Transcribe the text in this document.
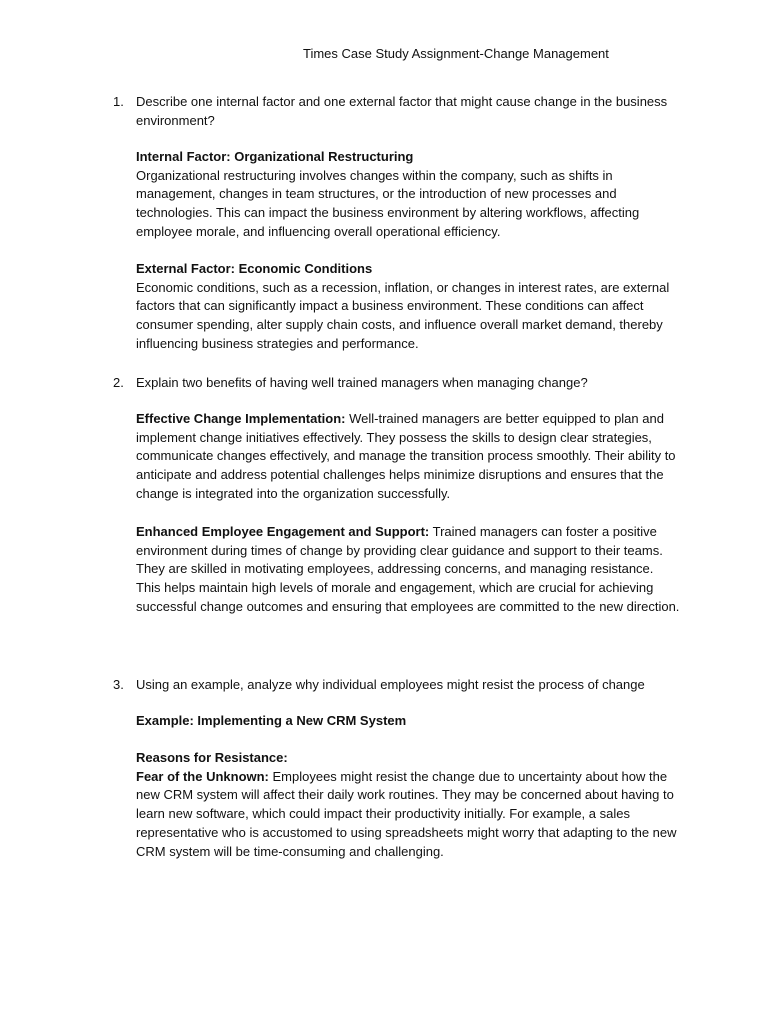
Times Case Study Assignment-Change Management
1. Describe one internal factor and one external factor that might cause change in the business environment?
Internal Factor: Organizational Restructuring
Organizational restructuring involves changes within the company, such as shifts in management, changes in team structures, or the introduction of new processes and technologies. This can impact the business environment by altering workflows, affecting employee morale, and influencing overall operational efficiency.
External Factor: Economic Conditions
Economic conditions, such as a recession, inflation, or changes in interest rates, are external factors that can significantly impact a business environment. These conditions can affect consumer spending, alter supply chain costs, and influence overall market demand, thereby influencing business strategies and performance.
2. Explain two benefits of having well trained managers when managing change?
Effective Change Implementation: Well-trained managers are better equipped to plan and implement change initiatives effectively. They possess the skills to design clear strategies, communicate changes effectively, and manage the transition process smoothly. Their ability to anticipate and address potential challenges helps minimize disruptions and ensures that the change is integrated into the organization successfully.
Enhanced Employee Engagement and Support: Trained managers can foster a positive environment during times of change by providing clear guidance and support to their teams. They are skilled in motivating employees, addressing concerns, and managing resistance. This helps maintain high levels of morale and engagement, which are crucial for achieving successful change outcomes and ensuring that employees are committed to the new direction.
3. Using an example, analyze why individual employees might resist the process of change
Example: Implementing a New CRM System
Reasons for Resistance:
Fear of the Unknown: Employees might resist the change due to uncertainty about how the new CRM system will affect their daily work routines. They may be concerned about having to learn new software, which could impact their productivity initially. For example, a sales representative who is accustomed to using spreadsheets might worry that adapting to the new CRM system will be time-consuming and challenging.
